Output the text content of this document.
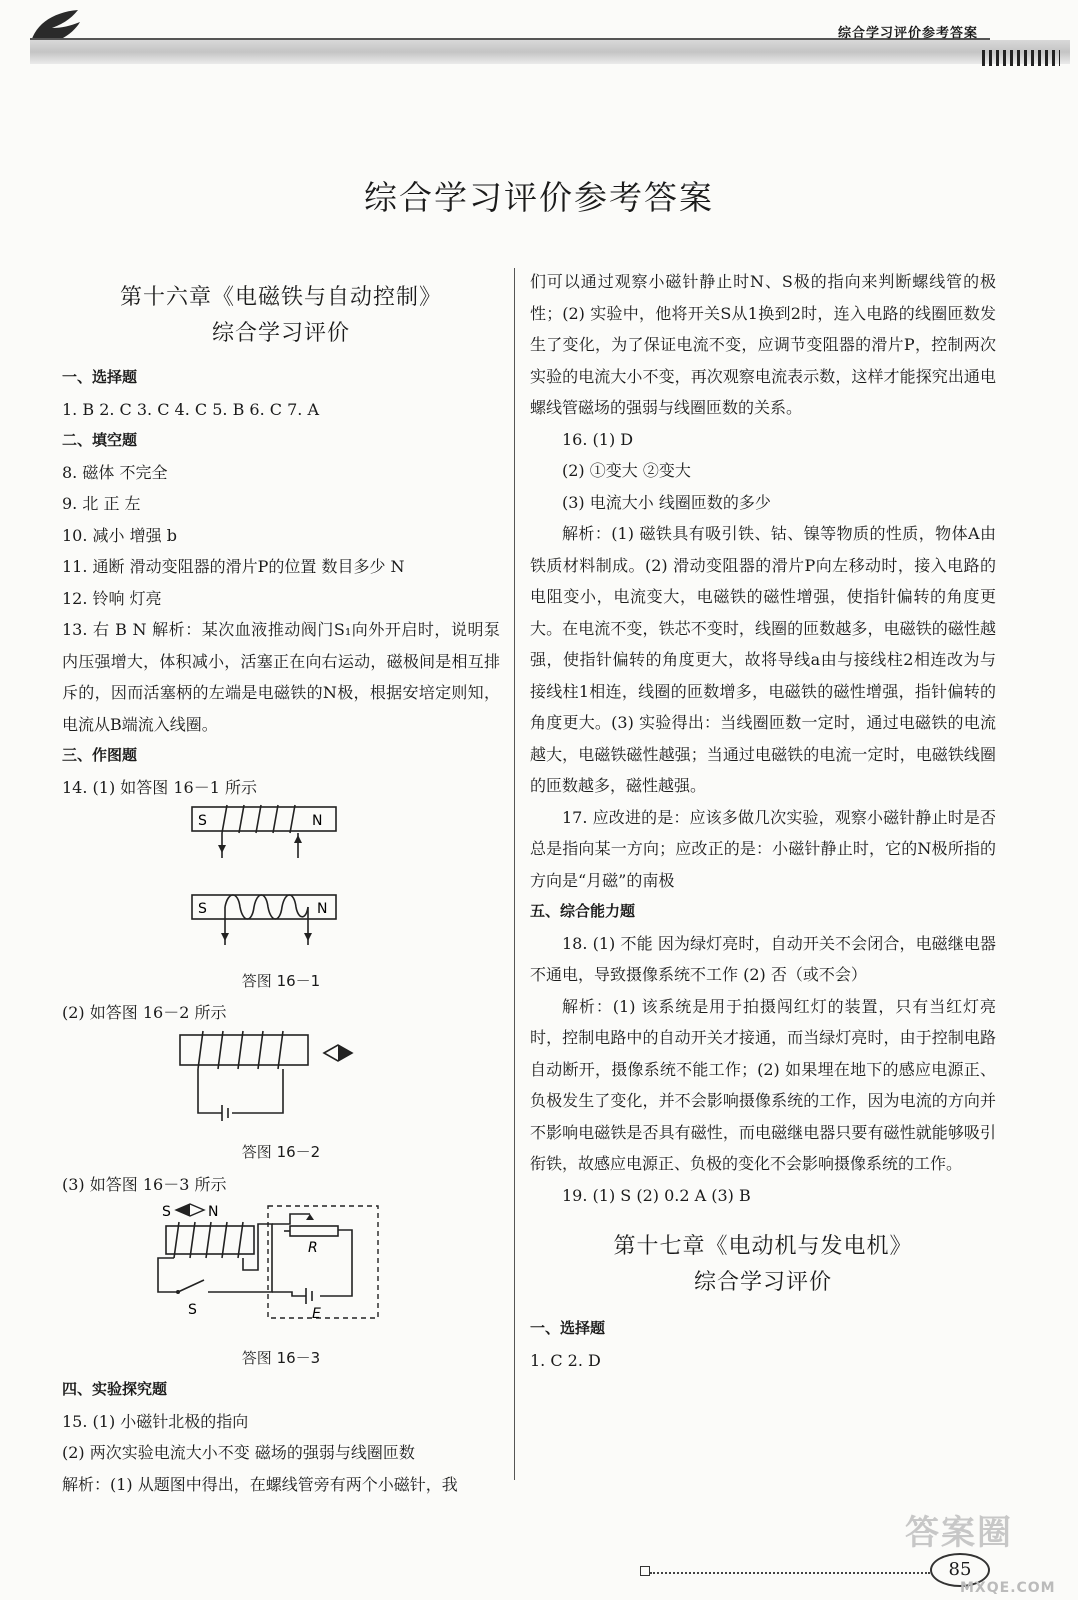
综合学习评价参考答案
综合学习评价参考答案
第十六章《电磁铁与自动控制》
综合学习评价

一、选择题

1. B 2. C 3. C 4. C 5. B 6. C 7. A

二、填空题

8. 磁体 不完全

9. 北 正 左

10. 减小 增强 b

11. 通断 滑动变阻器的滑片P的位置 数目多少 N

12. 铃响 灯亮

13. 右 B N 解析：某次血液推动阀门S₁向外开启时，说明泵内压强增大，体积减小，活塞正在向右运动，磁极间是相互排斥的，因而活塞柄的左端是电磁铁的N极，根据安培定则知，电流从B端流入线圈。

三、作图题

14. (1) 如答图 16－1 所示

S	N
S	N
答图 16－1

(2) 如答图 16－2 所示

答图 16－2

(3) 如答图 16－3 所示

S	N
S
R
E
答图 16－3

四、实验探究题

15. (1) 小磁针北极的指向

(2) 两次实验电流大小不变 磁场的强弱与线圈匝数

解析：(1) 从题图中得出，在螺线管旁有两个小磁针，我

们可以通过观察小磁针静止时N、S极的指向来判断螺线管的极性；(2) 实验中，他将开关S从1换到2时，连入电路的线圈匝数发生了变化，为了保证电流不变，应调节变阻器的滑片P，控制两次实验的电流大小不变，再次观察电流表示数，这样才能探究出通电螺线管磁场的强弱与线圈匝数的关系。

16. (1) D

(2) ①变大 ②变大

(3) 电流大小 线圈匝数的多少

解析：(1) 磁铁具有吸引铁、钴、镍等物质的性质，物体A由铁质材料制成。(2) 滑动变阻器的滑片P向左移动时，接入电路的电阻变小，电流变大，电磁铁的磁性增强，使指针偏转的角度更大。在电流不变，铁芯不变时，线圈的匝数越多，电磁铁的磁性越强，使指针偏转的角度更大，故将导线a由与接线柱2相连改为与接线柱1相连，线圈的匝数增多，电磁铁的磁性增强，指针偏转的角度更大。(3) 实验得出：当线圈匝数一定时，通过电磁铁的电流越大，电磁铁磁性越强；当通过电磁铁的电流一定时，电磁铁线圈的匝数越多，磁性越强。

17. 应改进的是：应该多做几次实验，观察小磁针静止时是否总是指向某一方向；应改正的是：小磁针静止时，它的N极所指的方向是“月磁”的南极

五、综合能力题

18. (1) 不能 因为绿灯亮时，自动开关不会闭合，电磁继电器不通电，导致摄像系统不工作 (2) 否（或不会）

解析：(1) 该系统是用于拍摄闯红灯的装置，只有当红灯亮时，控制电路中的自动开关才接通，而当绿灯亮时，由于控制电路自动断开，摄像系统不能工作；(2) 如果埋在地下的感应电源正、负极发生了变化，并不会影响摄像系统的工作，因为电流的方向并不影响电磁铁是否具有磁性，而电磁继电器只要有磁性就能够吸引衔铁，故感应电源正、负极的变化不会影响摄像系统的工作。

19. (1) S (2) 0.2 A (3) B

第十七章《电动机与发电机》
综合学习评价

一、选择题

1. C 2. D

答案圈
85
MXQE.COM
